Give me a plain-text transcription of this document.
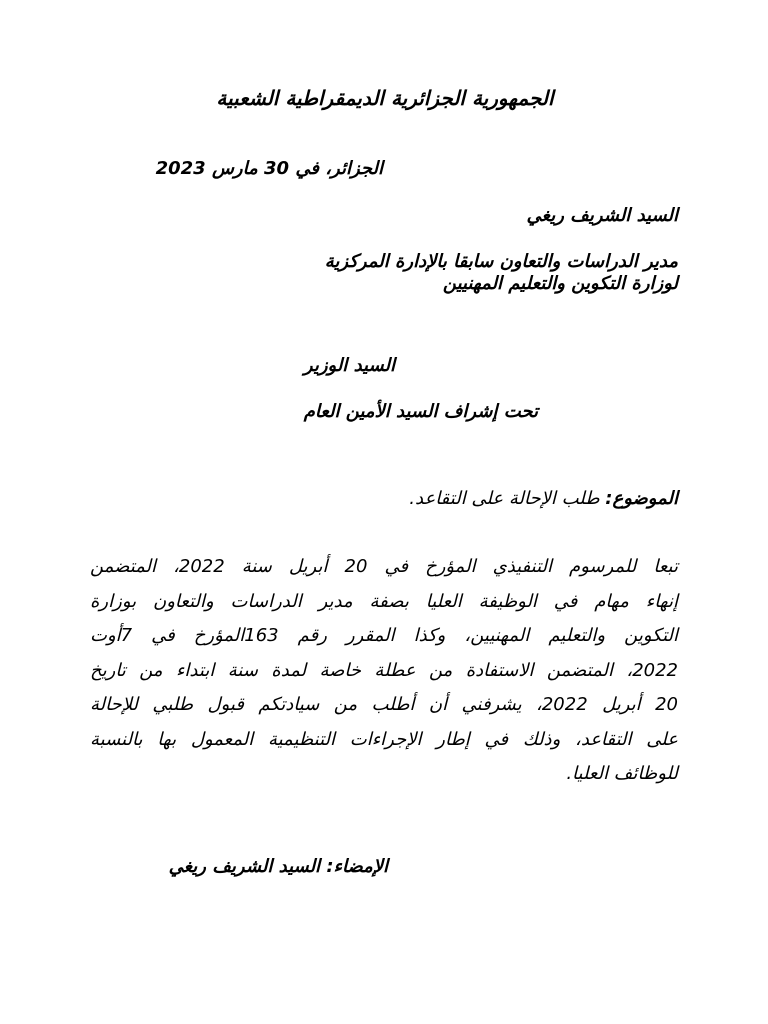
الجمهورية الجزائرية الديمقراطية الشعبية
الجزائر، في 30 مارس 2023
السيد الشريف ريغي
مدير الدراسات والتعاون سابقا بالإدارة المركزية
لوزارة التكوين والتعليم المهنيين
السيد الوزير
تحت إشراف السيد الأمين العام
الموضوع: طلب الإحالة على التقاعد.
تبعا للمرسوم التنفيذي المؤرخ في 20 أبريل سنة 2022، المتضمن
إنهاء مهام في الوظيفة العليا بصفة مدير الدراسات والتعاون بوزارة
التكوين والتعليم المهنيين، وكذا المقرر رقم 163المؤرخ في 7أوت
2022، المتضمن الاستفادة من عطلة خاصة لمدة سنة ابتداء من تاريخ
20 أبريل 2022، يشرفني أن أطلب من سيادتكم قبول طلبي للإحالة
على التقاعد، وذلك في إطار الإجراءات التنظيمية المعمول بها بالنسبة
للوظائف العليا.
الإمضاء: السيد الشريف ريغي
